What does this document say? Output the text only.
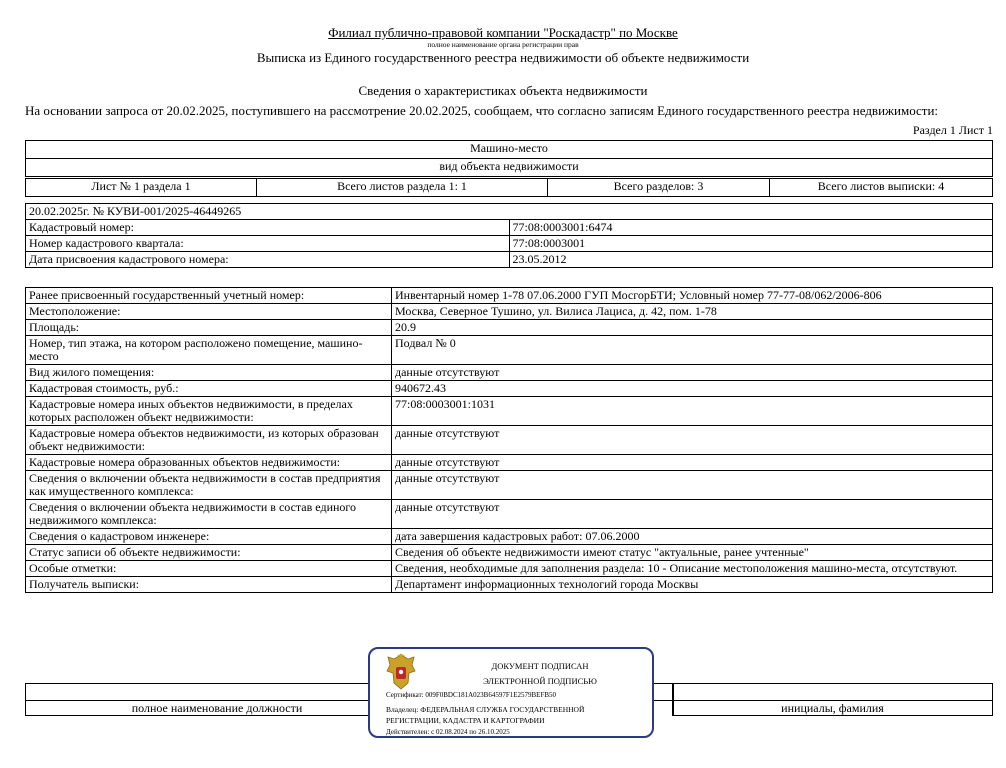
Филиал публично-правовой компании "Роскадастр" по Москве
полное наименование органа регистрации прав
Выписка из Единого государственного реестра недвижимости об объекте недвижимости
Сведения о характеристиках объекта недвижимости
На основании запроса от 20.02.2025, поступившего на рассмотрение 20.02.2025, сообщаем, что согласно записям Единого государственного реестра недвижимости:
Раздел 1 Лист 1
Машино-место
вид объекта недвижимости
Лист № 1 раздела 1	Всего листов раздела 1: 1	Всего разделов: 3	Всего листов выписки: 4
20.02.2025г. № КУВИ-001/2025-46449265	
Кадастровый номер:	77:08:0003001:6474
Номер кадастрового квартала:	77:08:0003001
Дата присвоения кадастрового номера:	23.05.2012
Ранее присвоенный государственный учетный номер:	Инвентарный номер 1-78 07.06.2000 ГУП МосгорБТИ; Условный номер 77-77-08/062/2006-806
Местоположение:	Москва, Северное Тушино, ул. Вилиса Лациса, д. 42, пом. 1-78
Площадь:	20.9
Номер, тип этажа, на котором расположено помещение, машино-место	Подвал № 0
Вид жилого помещения:	данные отсутствуют
Кадастровая стоимость, руб.:	940672.43
Кадастровые номера иных объектов недвижимости, в пределах которых расположен объект недвижимости:	77:08:0003001:1031
Кадастровые номера объектов недвижимости, из которых образован объект недвижимости:	данные отсутствуют
Кадастровые номера образованных объектов недвижимости:	данные отсутствуют
Сведения о включении объекта недвижимости в состав предприятия как имущественного комплекса:	данные отсутствуют
Сведения о включении объекта недвижимости в состав единого недвижимого комплекса:	данные отсутствуют
Сведения о кадастровом инженере:	дата завершения кадастровых работ: 07.06.2000
Статус записи об объекте недвижимости:	Сведения об объекте недвижимости имеют статус "актуальные, ранее учтенные"
Особые отметки:	Сведения, необходимые для заполнения раздела: 10 - Описание местоположения машино-места, отсутствуют.
Получатель выписки:	Департамент информационных технологий города Москвы
полное наименование должности	инициалы, фамилия
ДОКУМЕНТ ПОДПИСАН
ЭЛЕКТРОННОЙ ПОДПИСЬЮ
Сертификат: 009F0BDC181A023B64597F1E2579BEFB50
Владелец: ФЕДЕРАЛЬНАЯ СЛУЖБА ГОСУДАРСТВЕННОЙ РЕГИСТРАЦИИ, КАДАСТРА И КАРТОГРАФИИ
Действителен: с 02.08.2024 по 26.10.2025
